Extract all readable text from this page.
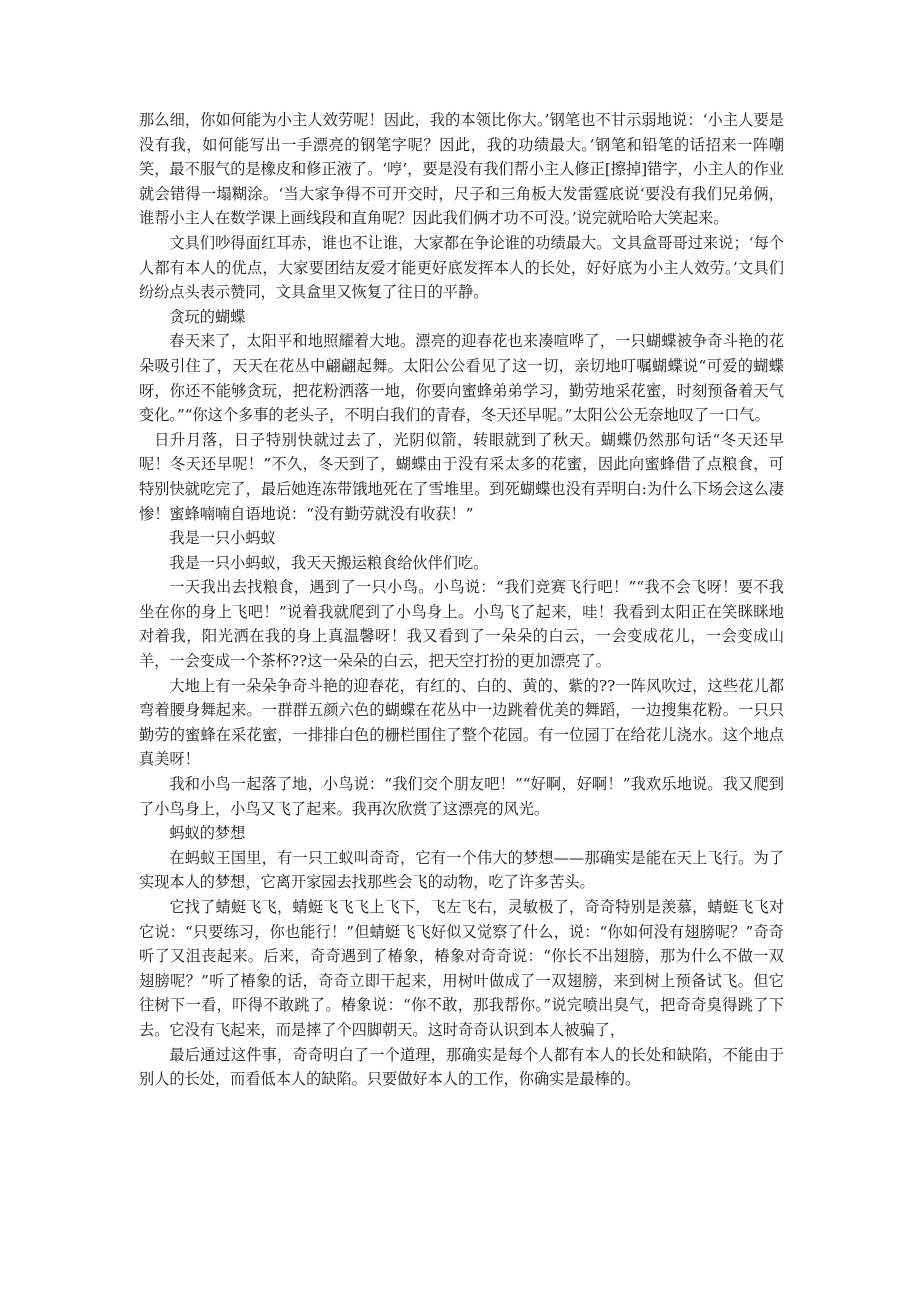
那么细，你如何能为小主人效劳呢！因此，我的本领比你大。’钢笔也不甘示弱地说：‘小主人要是没有我，如何能写出一手漂亮的钢笔字呢？因此，我的功绩最大。’钢笔和铅笔的话招来一阵嘲笑，最不服气的是橡皮和修正液了。‘哼’，要是没有我们帮小主人修正[擦掉]错字，小主人的作业就会错得一塌糊涂。‘当大家争得不可开交时，尺子和三角板大发雷霆底说‘要没有我们兄弟俩，谁帮小主人在数学课上画线段和直角呢？因此我们俩才功不可没。’说完就哈哈大笑起来。

文具们吵得面红耳赤，谁也不让谁，大家都在争论谁的功绩最大。文具盒哥哥过来说；‘每个人都有本人的优点，大家要团结友爱才能更好底发挥本人的长处，好好底为小主人效劳。’文具们纷纷点头表示赞同，文具盒里又恢复了往日的平静。

贪玩的蝴蝶

春天来了，太阳平和地照耀着大地。漂亮的迎春花也来凑喧哗了，一只蝴蝶被争奇斗艳的花朵吸引住了，天天在花丛中翩翩起舞。太阳公公看见了这一切，亲切地叮嘱蝴蝶说“可爱的蝴蝶呀，你还不能够贪玩，把花粉洒落一地，你要向蜜蜂弟弟学习，勤劳地采花蜜，时刻预备着天气变化。”“你这个多事的老头子，不明白我们的青春，冬天还早呢。”太阳公公无奈地叹了一口气。

日升月落，日子特别快就过去了，光阴似箭，转眼就到了秋天。蝴蝶仍然那句话“冬天还早呢！冬天还早呢！”不久，冬天到了，蝴蝶由于没有采太多的花蜜，因此向蜜蜂借了点粮食，可特别快就吃完了，最后她连冻带饿地死在了雪堆里。到死蝴蝶也没有弄明白:为什么下场会这么凄惨！蜜蜂喃喃自语地说：“没有勤劳就没有收获！”

我是一只小蚂蚁

我是一只小蚂蚁，我天天搬运粮食给伙伴们吃。

一天我出去找粮食，遇到了一只小鸟。小鸟说：“我们竞赛飞行吧！”“我不会飞呀！要不我坐在你的身上飞吧！”说着我就爬到了小鸟身上。小鸟飞了起来，哇！我看到太阳正在笑眯眯地对着我，阳光洒在我的身上真温馨呀！我又看到了一朵朵的白云，一会变成花儿，一会变成山羊，一会变成一个茶杯??这一朵朵的白云，把天空打扮的更加漂亮了。

大地上有一朵朵争奇斗艳的迎春花，有红的、白的、黄的、紫的??一阵风吹过，这些花儿都弯着腰身舞起来。一群群五颜六色的蝴蝶在花丛中一边跳着优美的舞蹈，一边搜集花粉。一只只勤劳的蜜蜂在采花蜜，一排排白色的栅栏围住了整个花园。有一位园丁在给花儿浇水。这个地点真美呀！

我和小鸟一起落了地，小鸟说：“我们交个朋友吧！”“好啊，好啊！”我欢乐地说。我又爬到了小鸟身上，小鸟又飞了起来。我再次欣赏了这漂亮的风光。

蚂蚁的梦想

在蚂蚁王国里，有一只工蚁叫奇奇，它有一个伟大的梦想——那确实是能在天上飞行。为了实现本人的梦想，它离开家园去找那些会飞的动物，吃了许多苦头。

它找了蜻蜓飞飞，蜻蜓飞飞飞上飞下，飞左飞右，灵敏极了，奇奇特别是羡慕，蜻蜓飞飞对它说：“只要练习，你也能行！”但蜻蜓飞飞好似又觉察了什么，说：“你如何没有翅膀呢？”奇奇听了又沮丧起来。后来，奇奇遇到了椿象，椿象对奇奇说：“你长不出翅膀，那为什么不做一双翅膀呢？”听了椿象的话，奇奇立即干起来，用树叶做成了一双翅膀，来到树上预备试飞。但它往树下一看，吓得不敢跳了。椿象说：“你不敢，那我帮你。”说完喷出臭气，把奇奇臭得跳了下去。它没有飞起来，而是摔了个四脚朝天。这时奇奇认识到本人被骗了，

最后通过这件事，奇奇明白了一个道理，那确实是每个人都有本人的长处和缺陷，不能由于别人的长处，而看低本人的缺陷。只要做好本人的工作，你确实是最棒的。
